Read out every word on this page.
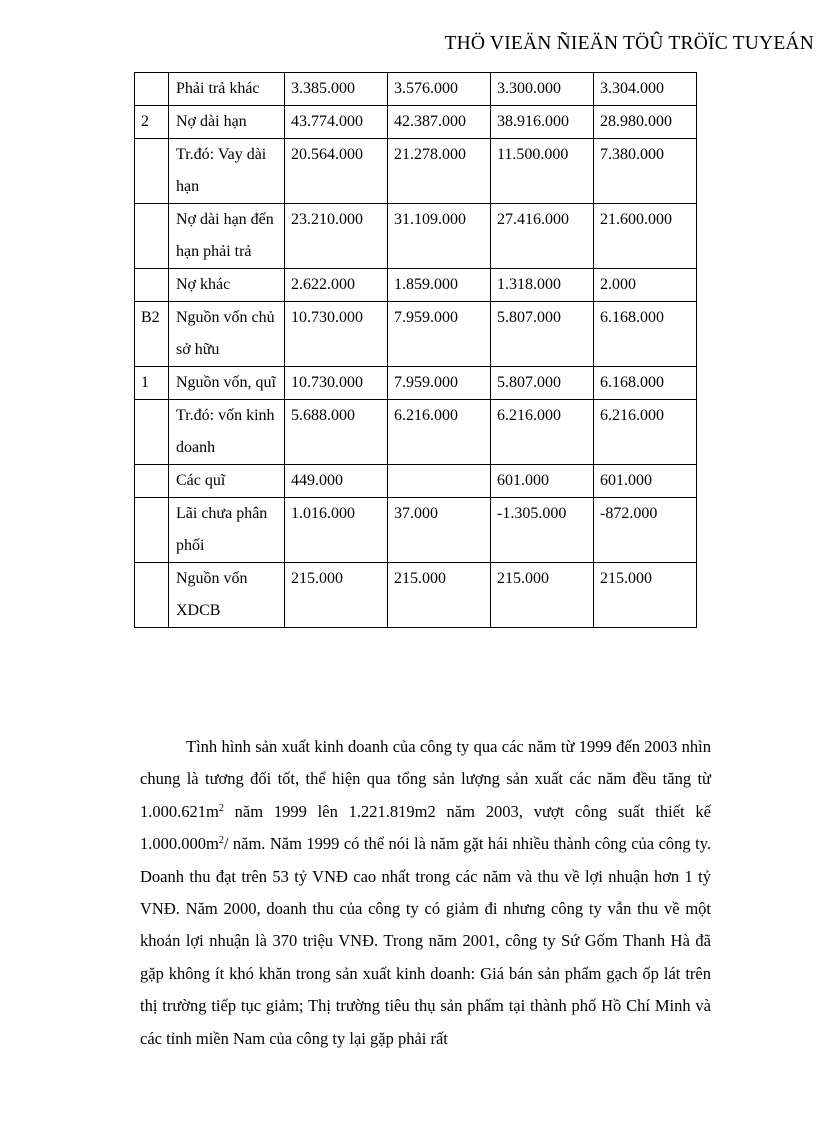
THÖ VIEÄN ÑIEÄN TÖÛ TRÖÏC TUYEÁN
	Phải trả khác	3.385.000	3.576.000	3.300.000	3.304.000
2	Nợ dài hạn	43.774.000	42.387.000	38.916.000	28.980.000
	Tr.đó: Vay dài hạn	20.564.000	21.278.000	11.500.000	7.380.000
	Nợ dài hạn đến hạn phải trả	23.210.000	31.109.000	27.416.000	21.600.000
	Nợ khác	2.622.000	1.859.000	1.318.000	2.000
B2	Nguồn vốn chủ sở hữu	10.730.000	7.959.000	5.807.000	6.168.000
1	Nguồn vốn, quĩ	10.730.000	7.959.000	5.807.000	6.168.000
	Tr.đó: vốn kinh doanh	5.688.000	6.216.000	6.216.000	6.216.000
	Các quĩ	449.000		601.000	601.000
	Lãi chưa phân phối	1.016.000	37.000	-1.305.000	-872.000
	Nguồn vốn XDCB	215.000	215.000	215.000	215.000

Tình hình sản xuất kinh doanh của công ty qua các năm từ 1999 đến 2003 nhìn chung là tương đối tốt, thể hiện qua tổng sản lượng sản xuất các năm đều tăng từ $1.000.621m^2$ năm 1999 lên 1.221.819m2 năm 2003, vượt công suất thiết kế $1.000.000m^2/$ năm. Năm 1999 có thể nói là năm gặt hái nhiều thành công của công ty. Doanh thu đạt trên 53 tỷ VNĐ cao nhất trong các năm và thu về lợi nhuận hơn 1 tỷ VNĐ. Năm 2000, doanh thu của công ty có giảm đi nhưng công ty vẫn thu về một khoản lợi nhuận là 370 triệu VNĐ. Trong năm 2001, công ty Sứ Gốm Thanh Hà đã gặp không ít khó khăn trong sản xuất kinh doanh: Giá bán sản phẩm gạch ốp lát trên thị trường tiếp tục giảm; Thị trường tiêu thụ sản phẩm tại thành phố Hồ Chí Minh và các tỉnh miền Nam của công ty lại gặp phải rất
